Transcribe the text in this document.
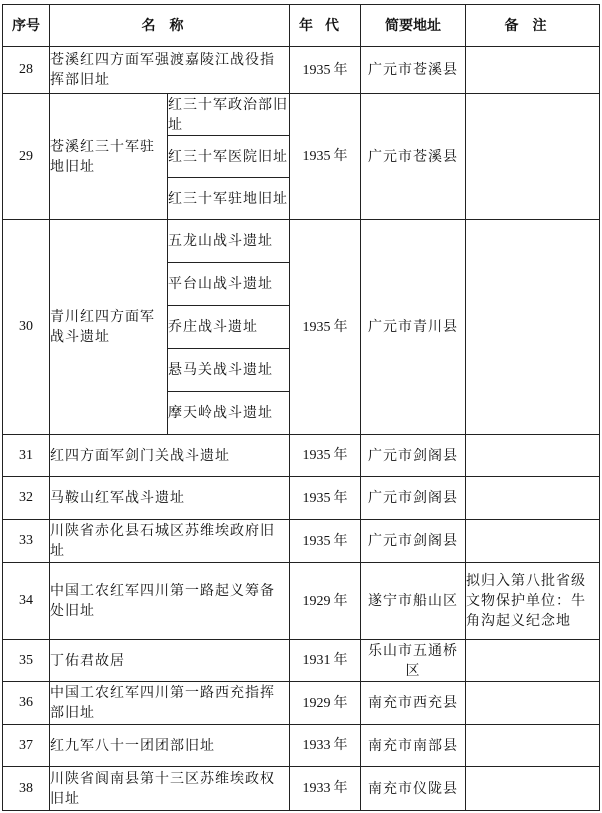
序号	名称		年代	简要地址	备注
28	苍溪红四方面军强渡嘉陵江战役指挥部旧址		1935 年	广元市苍溪县	
29	苍溪红三十军驻地旧址	红三十军政治部旧址	1935 年	广元市苍溪县	
		红三十军医院旧址			
		红三十军驻地旧址			
30	青川红四方面军战斗遗址	五龙山战斗遗址	1935 年	广元市青川县	
		平台山战斗遗址			
		乔庄战斗遗址			
		悬马关战斗遗址			
		摩天岭战斗遗址			
31	红四方面军剑门关战斗遗址		1935 年	广元市剑阁县	
32	马鞍山红军战斗遗址		1935 年	广元市剑阁县	
33	川陕省赤化县石城区苏维埃政府旧址		1935 年	广元市剑阁县	
34	中国工农红军四川第一路起义筹备处旧址		1929 年	遂宁市船山区	拟归入第八批省级文物保护单位：牛角沟起义纪念地
35	丁佑君故居		1931 年	乐山市五通桥区	
36	中国工农红军四川第一路西充指挥部旧址		1929 年	南充市西充县	
37	红九军八十一团团部旧址		1933 年	南充市南部县	
38	川陕省阆南县第十三区苏维埃政权旧址		1933 年	南充市仪陇县	
